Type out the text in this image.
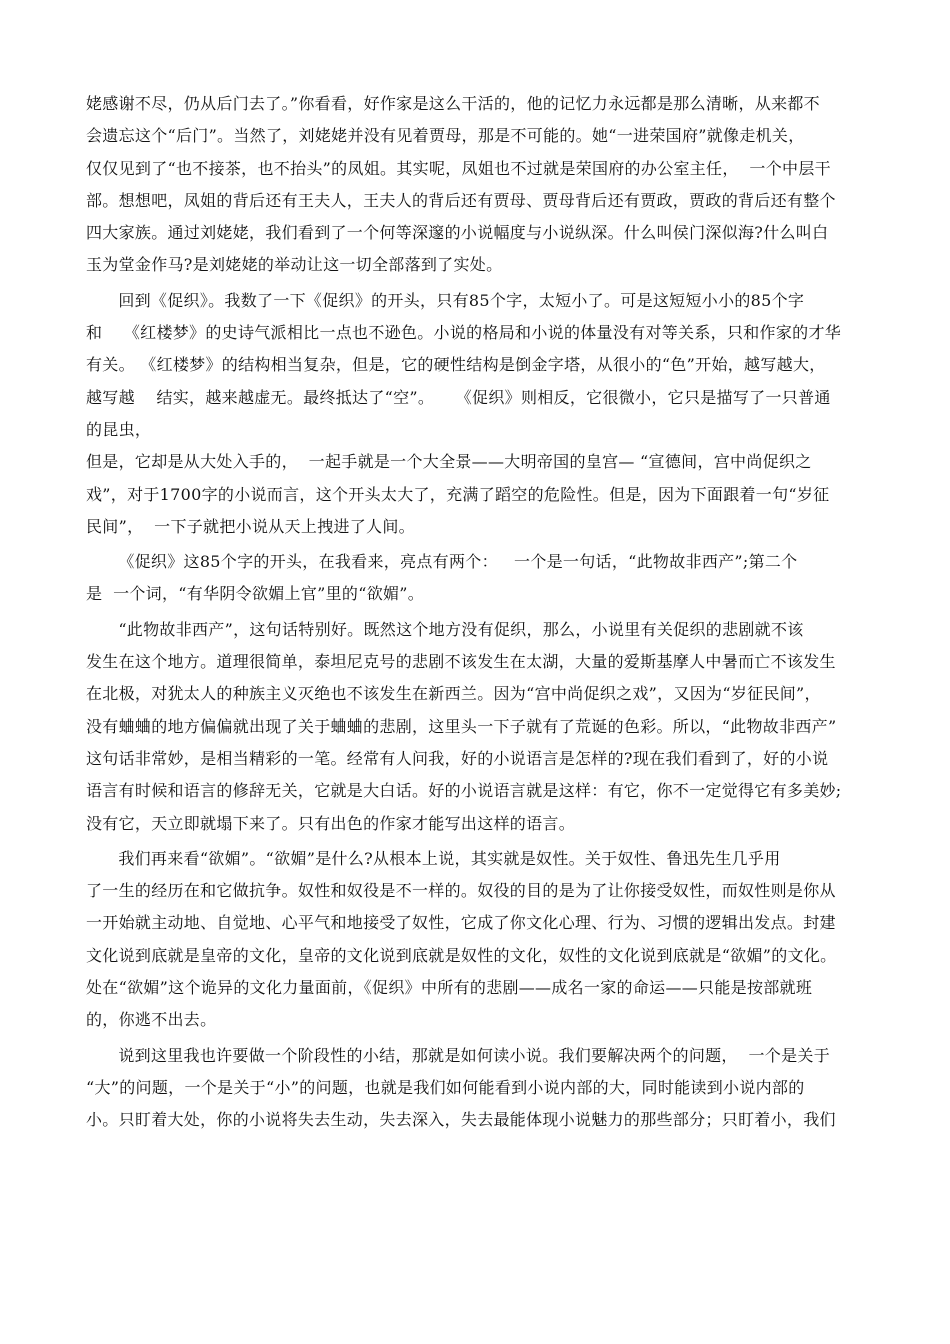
姥感谢不尽，仍从后门去了。”你看看，好作家是这么干活的，他的记忆力永远都是那么清晰，从来都不
会遗忘这个“后门”。当然了，刘姥姥并没有见着贾母，那是不可能的。她“一进荣国府”就像走机关，
仅仅见到了“也不接茶，也不抬头”的凤姐。其实呢，凤姐也不过就是荣国府的办公室主任，  一个中层干
部。想想吧，凤姐的背后还有王夫人，王夫人的背后还有贾母、贾母背后还有贾政，贾政的背后还有整个
四大家族。通过刘姥姥，我们看到了一个何等深邃的小说幅度与小说纵深。什么叫侯门深似海?什么叫白
玉为堂金作马?是刘姥姥的举动让这一切全部落到了实处。
回到《促织》。我数了一下《促织》的开头，只有85个字，太短小了。可是这短短小小的85个字
和    《红楼梦》的史诗气派相比一点也不逊色。小说的格局和小说的体量没有对等关系，只和作家的才华
有关。 《红楼梦》的结构相当复杂，但是，它的硬性结构是倒金字塔，从很小的“色”开始，越写越大，
越写越    结实，越来越虚无。最终抵达了“空”。    《促织》则相反，它很微小，它只是描写了一只普通
的昆虫，
但是，它却是从大处入手的，  一起手就是一个大全景——大明帝国的皇宫— “宣德间，宫中尚促织之
戏”，对于1700字的小说而言，这个开头太大了，充满了蹈空的危险性。但是，因为下面跟着一句“岁征
民间”，  一下子就把小说从天上拽进了人间。
《促织》这85个字的开头，在我看来，亮点有两个：   一个是一句话，“此物故非西产”;第二个
是  一个词，“有华阴令欲媚上官”里的“欲媚”。
“此物故非西产”，这句话特别好。既然这个地方没有促织，那么，小说里有关促织的悲剧就不该
发生在这个地方。道理很简单，泰坦尼克号的悲剧不该发生在太湖，大量的爱斯基摩人中暑而亡不该发生
在北极，对犹太人的种族主义灭绝也不该发生在新西兰。因为“宫中尚促织之戏”，又因为“岁征民间”，
没有蛐蛐的地方偏偏就出现了关于蛐蛐的悲剧，这里头一下子就有了荒诞的色彩。所以，“此物故非西产”
这句话非常妙，是相当精彩的一笔。经常有人问我，好的小说语言是怎样的?现在我们看到了，好的小说
语言有时候和语言的修辞无关，它就是大白话。好的小说语言就是这样：有它，你不一定觉得它有多美妙;
没有它，天立即就塌下来了。只有出色的作家才能写出这样的语言。
我们再来看“欲媚”。“欲媚”是什么?从根本上说，其实就是奴性。关于奴性、鲁迅先生几乎用
了一生的经历在和它做抗争。奴性和奴役是不一样的。奴役的目的是为了让你接受奴性，而奴性则是你从
一开始就主动地、自觉地、心平气和地接受了奴性，它成了你文化心理、行为、习惯的逻辑出发点。封建
文化说到底就是皇帝的文化，皇帝的文化说到底就是奴性的文化，奴性的文化说到底就是“欲媚”的文化。
处在“欲媚”这个诡异的文化力量面前，《促织》中所有的悲剧——成名一家的命运——只能是按部就班
的，你逃不出去。
说到这里我也许要做一个阶段性的小结，那就是如何读小说。我们要解决两个的问题，  一个是关于
“大”的问题，一个是关于“小”的问题，也就是我们如何能看到小说内部的大，同时能读到小说内部的
小。只盯着大处，你的小说将失去生动，失去深入，失去最能体现小说魅力的那些部分；只盯着小，我们
